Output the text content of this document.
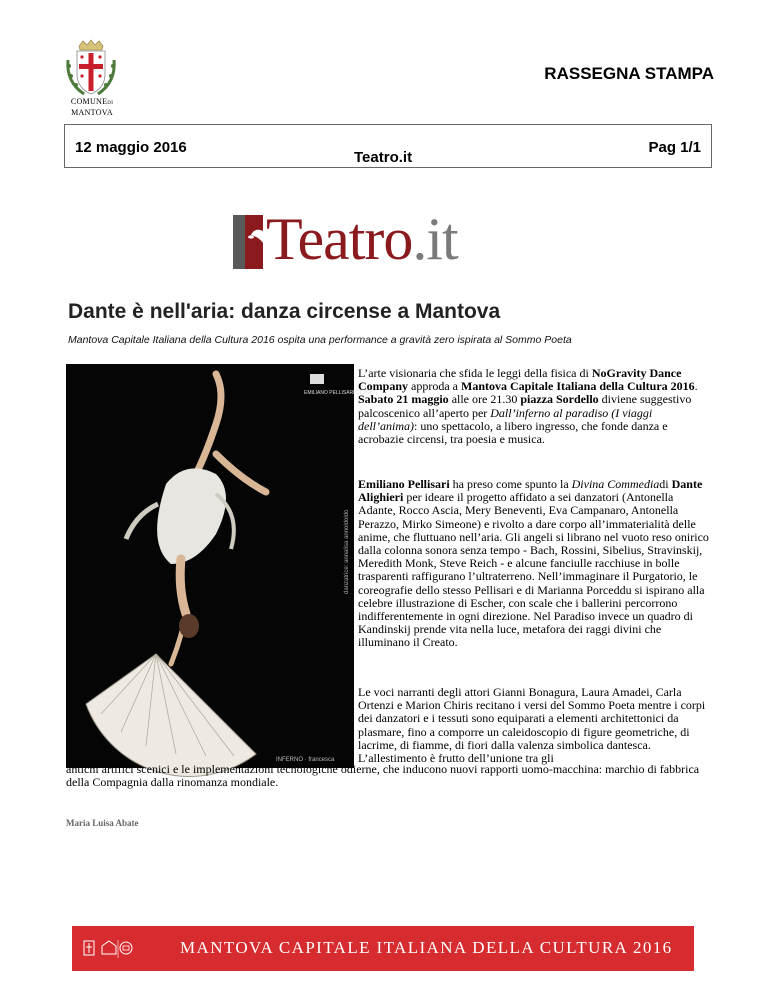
COMUNEDI
MANTOVA
RASSEGNA STAMPA
12 maggio 2016
Teatro.it
Pag 1/1
Teatro.it
Dante è nell'aria: danza circense a Mantova
Mantova Capitale Italiana della Cultura 2016 ospita una performance a gravità zero ispirata al Sommo Poeta
EMILIANO PELLISARI STUDIO
danzatrice: annalisa annoldoldo
INFERNO · francesca
L’arte visionaria che sfida le leggi della fisica di NoGravity Dance Company approda a Mantova Capitale Italiana della Cultura 2016.
Sabato 21 maggio alle ore 21.30 piazza Sordello diviene suggestivo palcoscenico all’aperto per Dall’inferno al paradiso (I viaggi dell’anima): uno spettacolo, a libero ingresso, che fonde danza e acrobazie circensi, tra poesia e musica.
Emiliano Pellisari ha preso come spunto la Divina Commediadi Dante Alighieri per ideare il progetto affidato a sei danzatori (Antonella Adante, Rocco Ascia, Mery Beneventi, Eva Campanaro, Antonella Perazzo, Mirko Simeone) e rivolto a dare corpo all’immaterialità delle anime, che fluttuano nell’aria. Gli angeli si librano nel vuoto reso onirico dalla colonna sonora senza tempo - Bach, Rossini, Sibelius, Stravinskij, Meredith Monk, Steve Reich - e alcune fanciulle racchiuse in bolle trasparenti raffigurano l’ultraterreno. Nell’immaginare il Purgatorio, le coreografie dello stesso Pellisari e di Marianna Porceddu si ispirano alla celebre illustrazione di Escher, con scale che i ballerini percorrono indifferentemente in ogni direzione. Nel Paradiso invece un quadro di Kandinskij prende vita nella luce, metafora dei raggi divini che illuminano il Creato.
Le voci narranti degli attori Gianni Bonagura, Laura Amadei, Carla Ortenzi e Marion Chiris recitano i versi del Sommo Poeta mentre i corpi dei danzatori e i tessuti sono equiparati a elementi architettonici da plasmare, fino a comporre un caleidoscopio di figure geometriche, di lacrime, di fiamme, di fiori dalla valenza simbolica dantesca. L’allestimento è frutto dell’unione tra gli
antichi artifici scenici e le implementazioni tecnologiche odierne, che inducono nuovi rapporti uomo-macchina: marchio di fabbrica della Compagnia dalla rinomanza mondiale.
Maria Luisa Abate
MANTOVA CAPITALE ITALIANA DELLA CULTURA 2016
